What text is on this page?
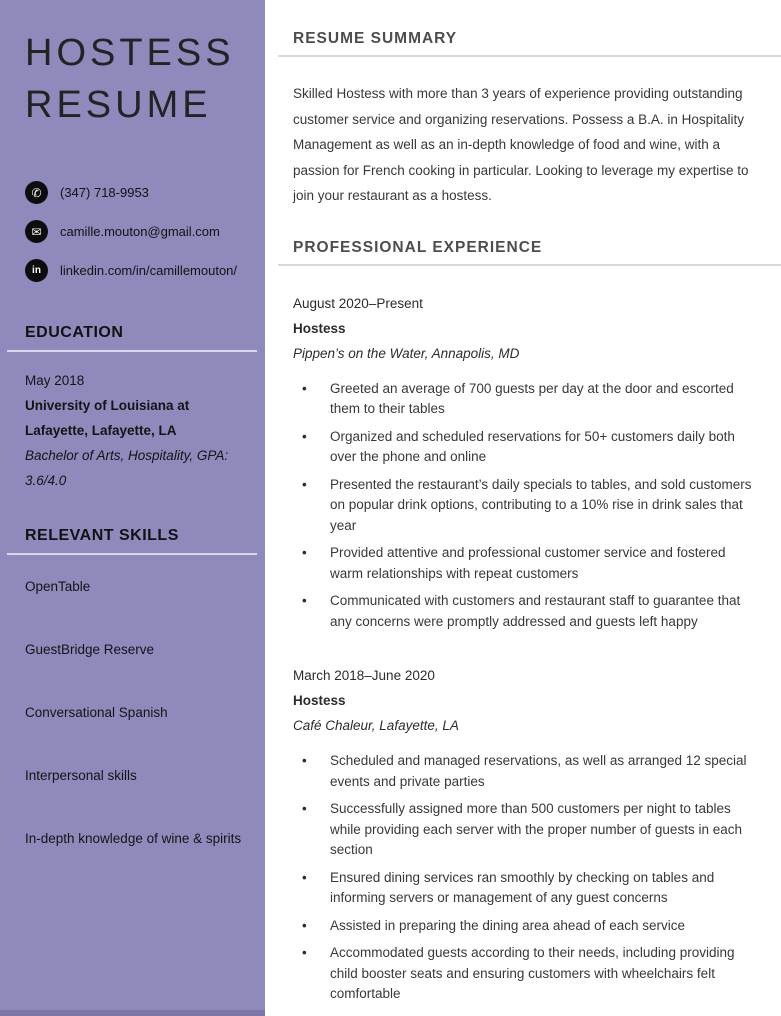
HOSTESS
RESUME
✆	(347) 718-9953
✉	camille.mouton@gmail.com
in	linkedin.com/in/camillemouton/
EDUCATION
May 2018
University of Louisiana at Lafayette, Lafayette, LA
Bachelor of Arts, Hospitality, GPA: 3.6/4.0
RELEVANT SKILLS
OpenTable
GuestBridge Reserve
Conversational Spanish
Interpersonal skills
In-depth knowledge of wine & spirits
RESUME SUMMARY

Skilled Hostess with more than 3 years of experience providing outstanding customer service and organizing reservations. Possess a B.A. in Hospitality Management as well as an in-depth knowledge of food and wine, with a passion for French cooking in particular. Looking to leverage my expertise to join your restaurant as a hostess.

PROFESSIONAL EXPERIENCE

August 2020–Present

Hostess

Pippen’s on the Water, Annapolis, MD

• Greeted an average of 700 guests per day at the door and escorted them to their tables
• Organized and scheduled reservations for 50+ customers daily both over the phone and online
• Presented the restaurant’s daily specials to tables, and sold customers on popular drink options, contributing to a 10% rise in drink sales that year
• Provided attentive and professional customer service and fostered warm relationships with repeat customers
• Communicated with customers and restaurant staff to guarantee that any concerns were promptly addressed and guests left happy

March 2018–June 2020

Hostess

Café Chaleur, Lafayette, LA

• Scheduled and managed reservations, as well as arranged 12 special events and private parties
• Successfully assigned more than 500 customers per night to tables while providing each server with the proper number of guests in each section
• Ensured dining services ran smoothly by checking on tables and informing servers or management of any guest concerns
• Assisted in preparing the dining area ahead of each service
• Accommodated guests according to their needs, including providing child booster seats and ensuring customers with wheelchairs felt comfortable
